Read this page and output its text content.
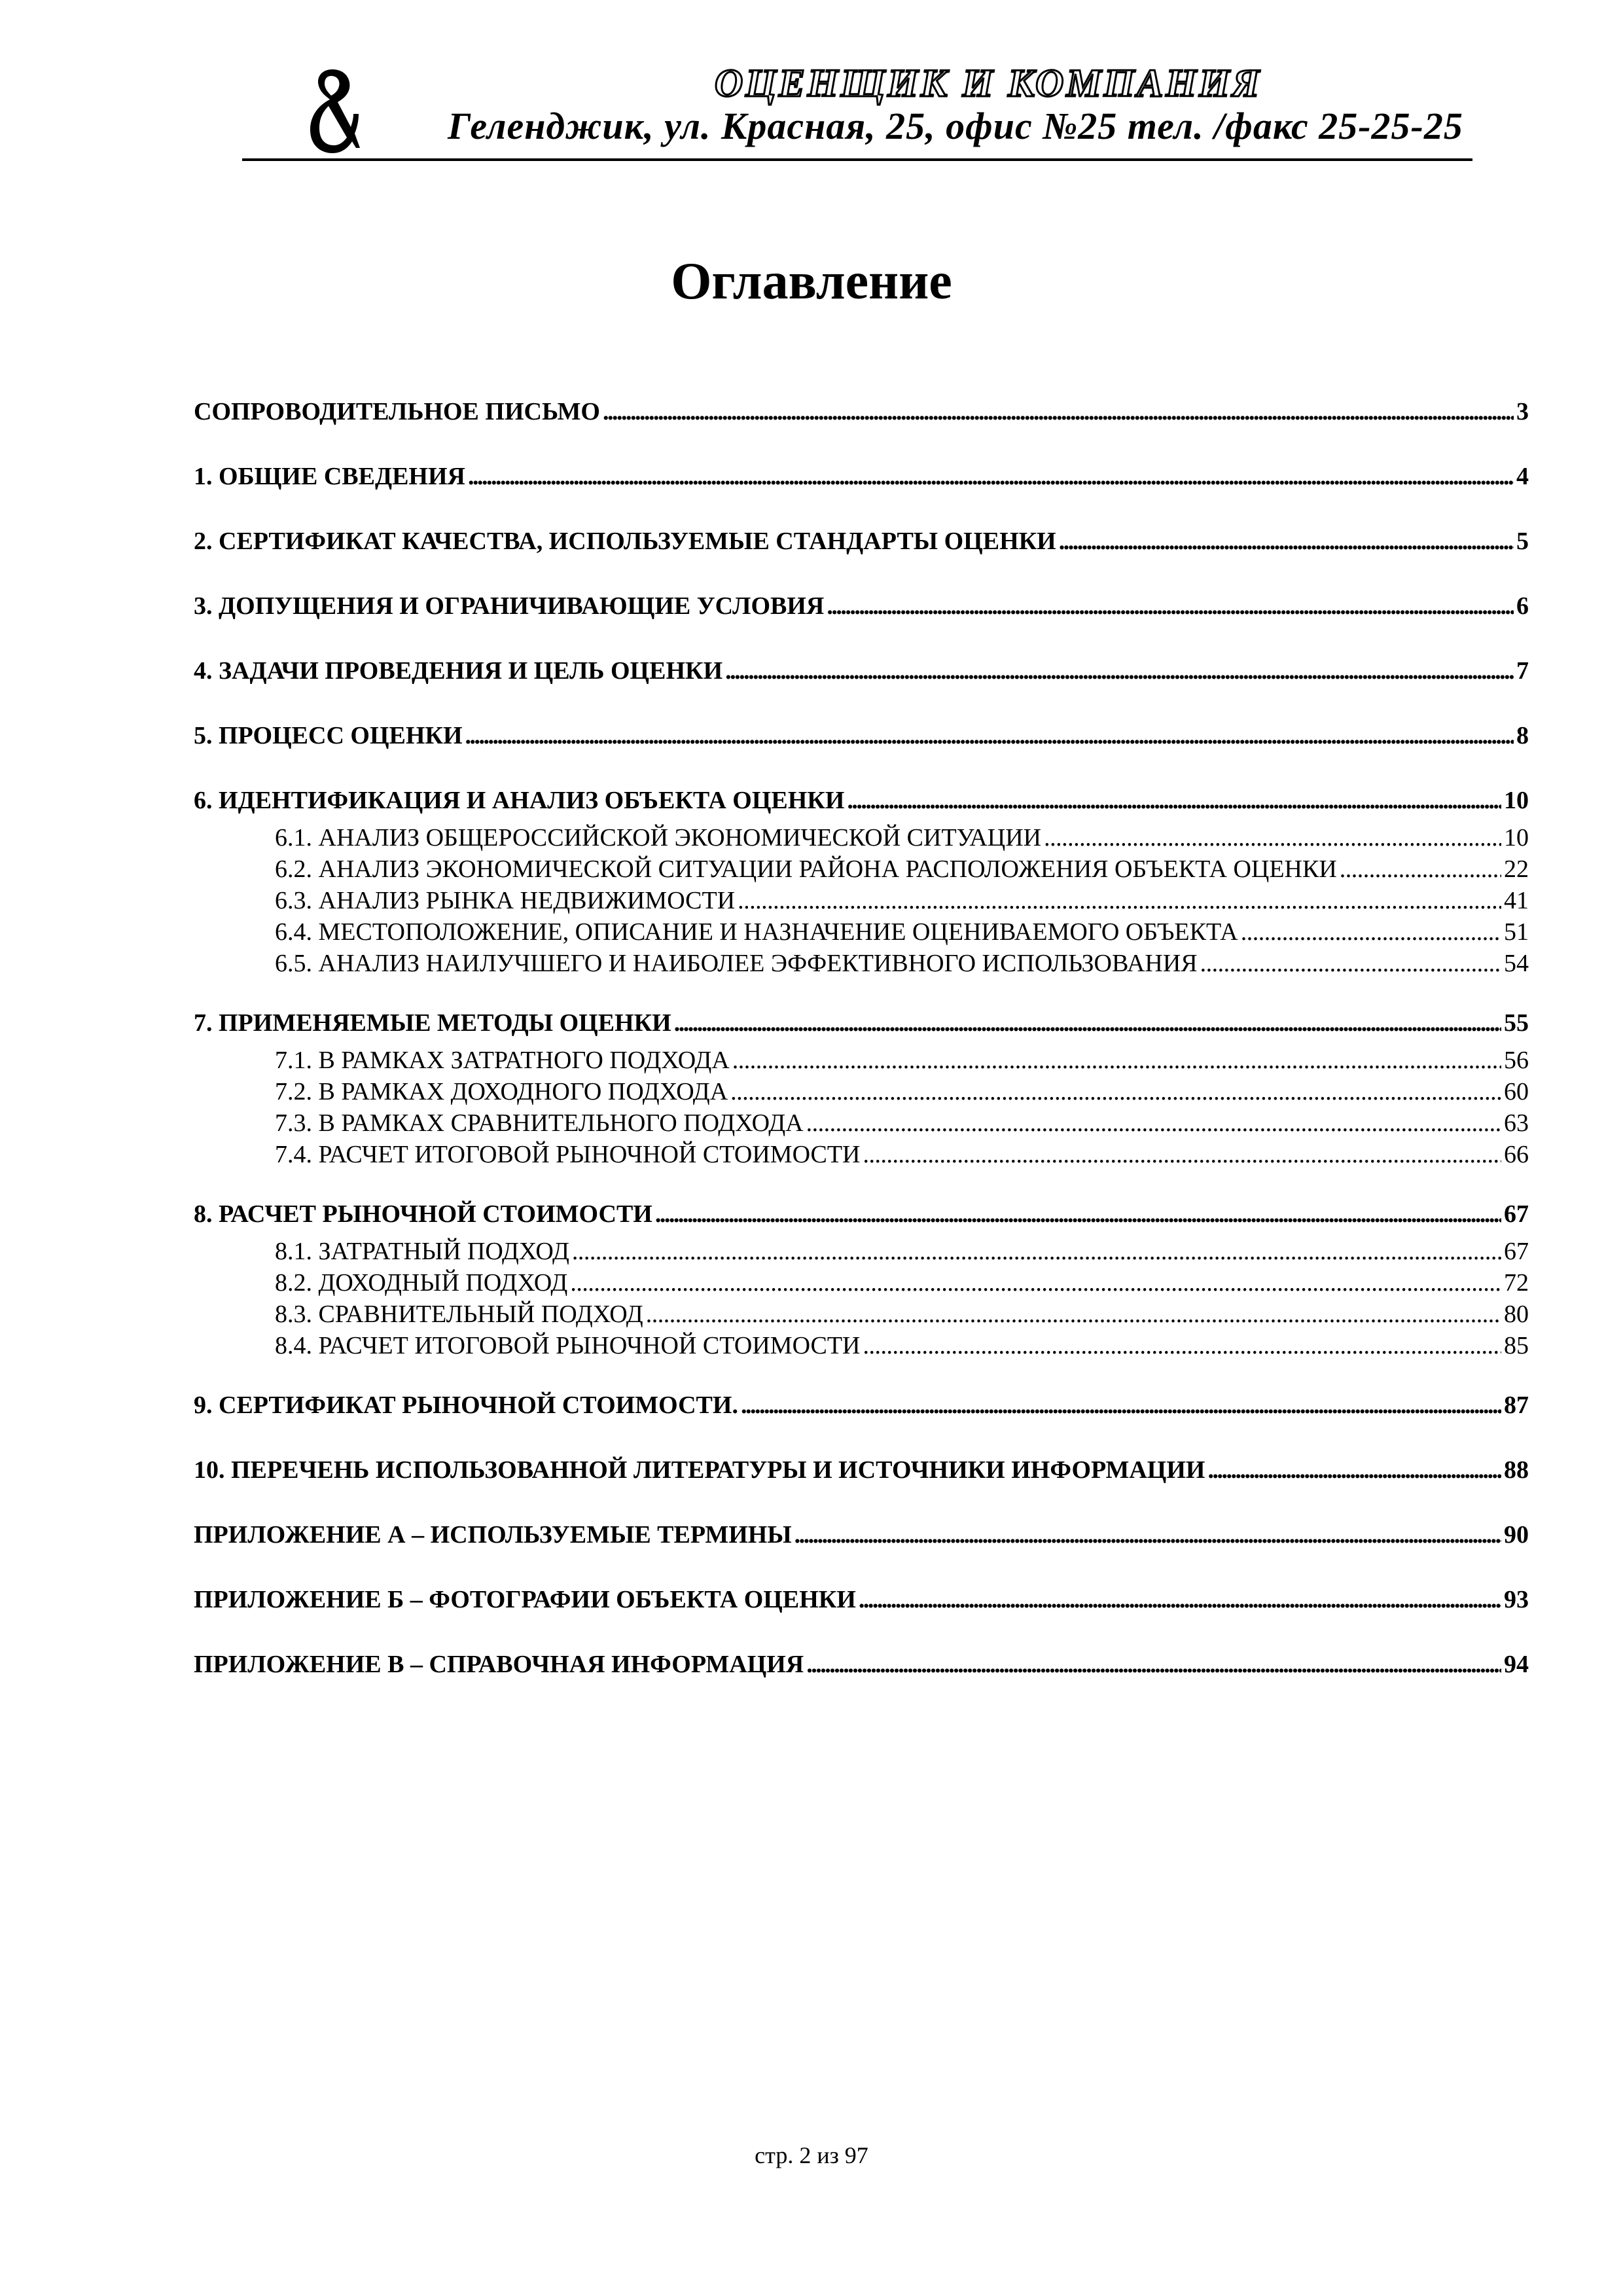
ОЦЕНЩИК И КОМПАНИЯ
Геленджик, ул. Красная, 25, офис №25 тел. /факс 25-25-25
Оглавление
СОПРОВОДИТЕЛЬНОЕ ПИСЬМО . . .	3
1. ОБЩИЕ СВЕДЕНИЯ . . .	4
2. СЕРТИФИКАТ КАЧЕСТВА, ИСПОЛЬЗУЕМЫЕ СТАНДАРТЫ ОЦЕНКИ . . .	5
3. ДОПУЩЕНИЯ И ОГРАНИЧИВАЮЩИЕ УСЛОВИЯ . . .	6
4. ЗАДАЧИ ПРОВЕДЕНИЯ И ЦЕЛЬ ОЦЕНКИ . . .	7
5. ПРОЦЕСС ОЦЕНКИ . . .	8
6. ИДЕНТИФИКАЦИЯ И АНАЛИЗ ОБЪЕКТА ОЦЕНКИ . . .	10
6.1. АНАЛИЗ ОБЩЕРОССИЙСКОЙ ЭКОНОМИЧЕСКОЙ СИТУАЦИИ . . .	10
6.2. АНАЛИЗ ЭКОНОМИЧЕСКОЙ СИТУАЦИИ РАЙОНА РАСПОЛОЖЕНИЯ ОБЪЕКТА ОЦЕНКИ . . .	22
6.3. АНАЛИЗ РЫНКА НЕДВИЖИМОСТИ . . .	41
6.4. МЕСТОПОЛОЖЕНИЕ, ОПИСАНИЕ И НАЗНАЧЕНИЕ ОЦЕНИВАЕМОГО ОБЪЕКТА . . .	51
6.5. АНАЛИЗ НАИЛУЧШЕГО И НАИБОЛЕЕ ЭФФЕКТИВНОГО ИСПОЛЬЗОВАНИЯ . . .	54
7. ПРИМЕНЯЕМЫЕ МЕТОДЫ ОЦЕНКИ . . .	55
7.1. В РАМКАХ ЗАТРАТНОГО ПОДХОДА . . .	56
7.2. В РАМКАХ ДОХОДНОГО ПОДХОДА . . .	60
7.3. В РАМКАХ СРАВНИТЕЛЬНОГО ПОДХОДА . . .	63
7.4. РАСЧЕТ ИТОГОВОЙ РЫНОЧНОЙ СТОИМОСТИ . . .	66
8. РАСЧЕТ РЫНОЧНОЙ СТОИМОСТИ . . .	67
8.1. ЗАТРАТНЫЙ ПОДХОД . . .	67
8.2. ДОХОДНЫЙ ПОДХОД . . .	72
8.3. СРАВНИТЕЛЬНЫЙ ПОДХОД . . .	80
8.4. РАСЧЕТ ИТОГОВОЙ РЫНОЧНОЙ СТОИМОСТИ . . .	85
9. СЕРТИФИКАТ РЫНОЧНОЙ СТОИМОСТИ. . . .	87
10. ПЕРЕЧЕНЬ ИСПОЛЬЗОВАННОЙ ЛИТЕРАТУРЫ И ИСТОЧНИКИ ИНФОРМАЦИИ . . .	88
ПРИЛОЖЕНИЕ А – ИСПОЛЬЗУЕМЫЕ ТЕРМИНЫ . . .	90
ПРИЛОЖЕНИЕ Б – ФОТОГРАФИИ ОБЪЕКТА ОЦЕНКИ . . .	93
ПРИЛОЖЕНИЕ В – СПРАВОЧНАЯ ИНФОРМАЦИЯ . . .	94
стр. 2 из 97
